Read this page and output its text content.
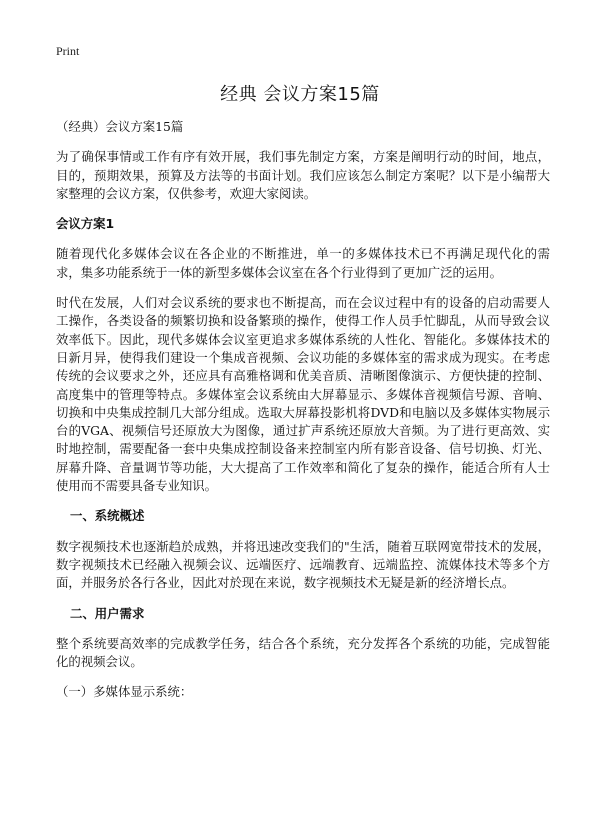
Print
经典 会议方案15篇

（经典）会议方案15篇

为了确保事情或工作有序有效开展，我们事先制定方案，方案是阐明行动的时间，地点，目的，预期效果，预算及方法等的书面计划。我们应该怎么制定方案呢？以下是小编帮大家整理的会议方案，仅供参考，欢迎大家阅读。

会议方案1

随着现代化多媒体会议在各企业的不断推进，单一的多媒体技术已不再满足现代化的需求，集多功能系统于一体的新型多媒体会议室在各个行业得到了更加广泛的运用。

时代在发展，人们对会议系统的要求也不断提高，而在会议过程中有的设备的启动需要人工操作，各类设备的频繁切换和设备繁琐的操作，使得工作人员手忙脚乱，从而导致会议效率低下。因此，现代多媒体会议室更追求多媒体系统的人性化、智能化。多媒体技术的日新月异，使得我们建设一个集成音视频、会议功能的多媒体室的需求成为现实。在考虑传统的会议要求之外，还应具有高雅格调和优美音质、清晰图像演示、方便快捷的控制、高度集中的管理等特点。多媒体室会议系统由大屏幕显示、多媒体音视频信号源、音响、切换和中央集成控制几大部分组成。选取大屏幕投影机将DVD和电脑以及多媒体实物展示台的VGA、视频信号还原放大为图像，通过扩声系统还原放大音频。为了进行更高效、实时地控制，需要配备一套中央集成控制设备来控制室内所有影音设备、信号切换、灯光、屏幕升降、音量调节等功能，大大提高了工作效率和简化了复杂的操作，能适合所有人士使用而不需要具备专业知识。

一、系统概述

数字视频技术也逐渐趋於成熟，并将迅速改变我们的"生活，随着互联网宽带技术的发展，数字视频技术已经融入视频会议、远端医疗、远端教育、远端监控、流媒体技术等多个方面，并服务於各行各业，因此对於现在来说，数字视频技术无疑是新的经济增长点。

二、用户需求

整个系统要高效率的完成教学任务，结合各个系统，充分发挥各个系统的功能，完成智能化的视频会议。

（一）多媒体显示系统：
